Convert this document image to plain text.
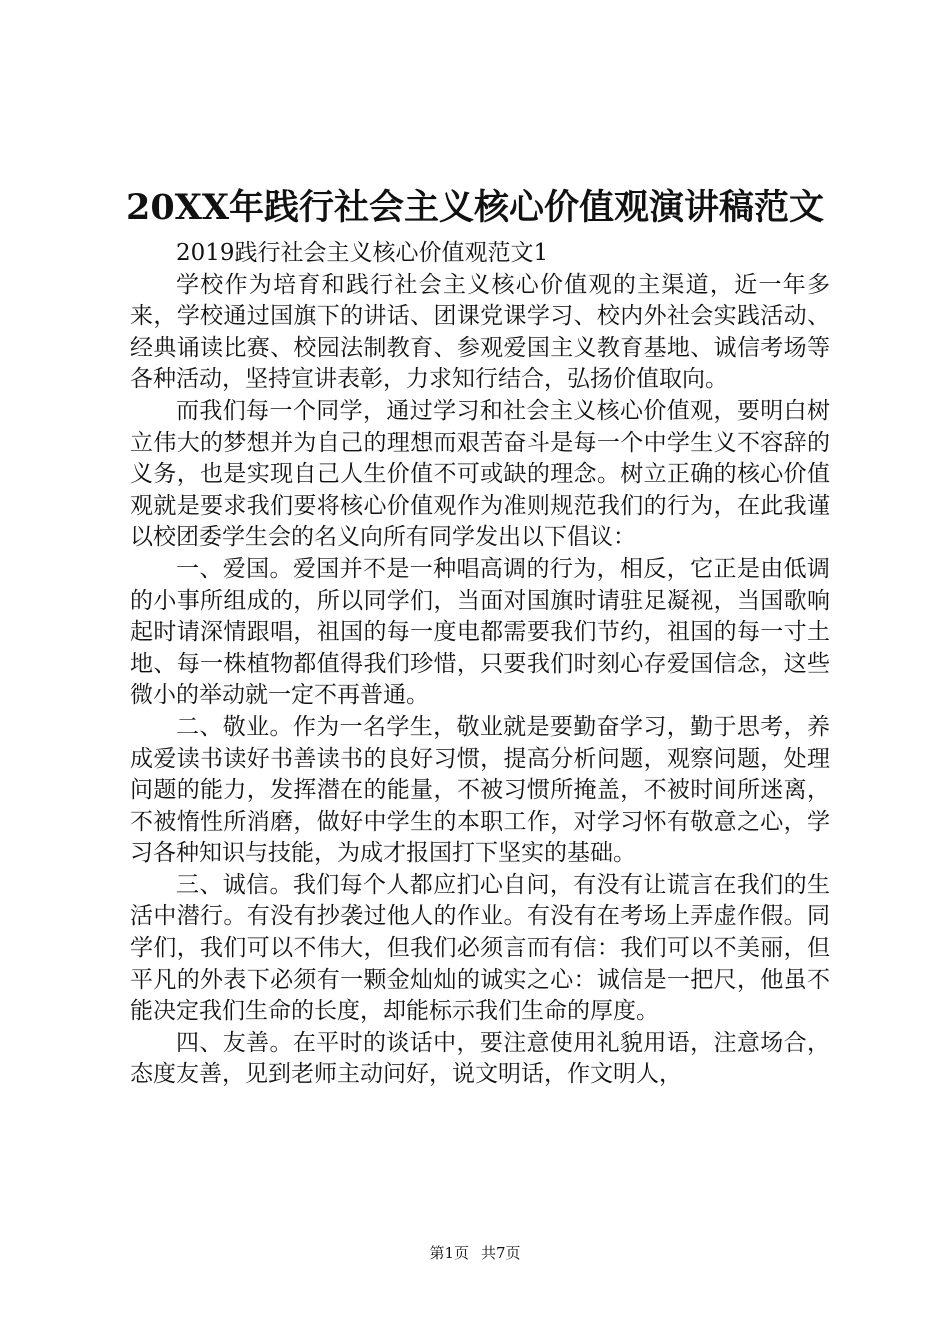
20XX年践行社会主义核心价值观演讲稿范文

2019践行社会主义核心价值观范文1

学校作为培育和践行社会主义核心价值观的主渠道，近一年多来，学校通过国旗下的讲话、团课党课学习、校内外社会实践活动、经典诵读比赛、校园法制教育、参观爱国主义教育基地、诚信考场等各种活动，坚持宣讲表彰，力求知行结合，弘扬价值取向。

而我们每一个同学，通过学习和社会主义核心价值观，要明白树立伟大的梦想并为自己的理想而艰苦奋斗是每一个中学生义不容辞的义务，也是实现自己人生价值不可或缺的理念。树立正确的核心价值观就是要求我们要将核心价值观作为准则规范我们的行为，在此我谨以校团委学生会的名义向所有同学发出以下倡议：

一、爱国。爱国并不是一种唱高调的行为，相反，它正是由低调的小事所组成的，所以同学们，当面对国旗时请驻足凝视，当国歌响起时请深情跟唱，祖国的每一度电都需要我们节约，祖国的每一寸土地、每一株植物都值得我们珍惜，只要我们时刻心存爱国信念，这些微小的举动就一定不再普通。

二、敬业。作为一名学生，敬业就是要勤奋学习，勤于思考，养成爱读书读好书善读书的良好习惯，提高分析问题，观察问题，处理问题的能力，发挥潜在的能量，不被习惯所掩盖，不被时间所迷离，不被惰性所消磨，做好中学生的本职工作，对学习怀有敬意之心，学习各种知识与技能，为成才报国打下坚实的基础。

三、诚信。我们每个人都应扪心自问，有没有让谎言在我们的生活中潜行。有没有抄袭过他人的作业。有没有在考场上弄虚作假。同学们，我们可以不伟大，但我们必须言而有信：我们可以不美丽，但平凡的外表下必须有一颗金灿灿的诚实之心：诚信是一把尺，他虽不能决定我们生命的长度，却能标示我们生命的厚度。

四、友善。在平时的谈话中，要注意使用礼貌用语，注意场合，态度友善，见到老师主动问好，说文明话，作文明人，

第1页 共7页
